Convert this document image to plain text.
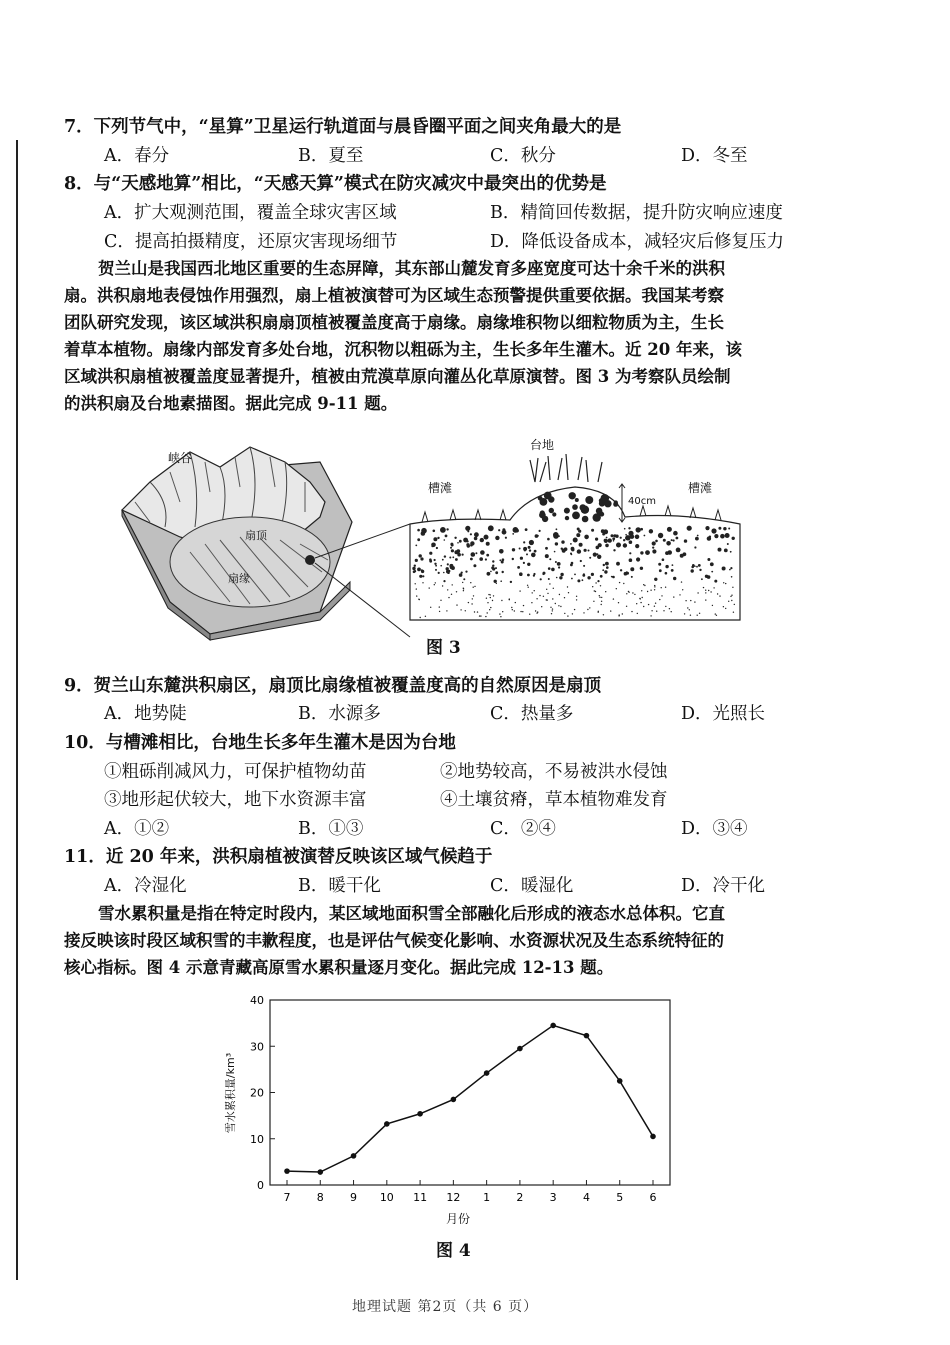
7．下列节气中，“星算”卫星运行轨道面与晨昏圈平面之间夹角最大的是
A．春分	B．夏至	C．秋分	D．冬至
8．与“天感地算”相比，“天感天算”模式在防灾减灾中最突出的优势是
A．扩大观测范围，覆盖全球灾害区域	B．精简回传数据，提升防灾响应速度
C．提高拍摄精度，还原灾害现场细节	D．降低设备成本，减轻灾后修复压力
贺兰山是我国西北地区重要的生态屏障，其东部山麓发育多座宽度可达十余千米的洪积
扇。洪积扇地表侵蚀作用强烈，扇上植被演替可为区域生态预警提供重要依据。我国某考察
团队研究发现，该区域洪积扇扇顶植被覆盖度高于扇缘。扇缘堆积物以细粒物质为主，生长
着草本植物。扇缘内部发育多处台地，沉积物以粗砾为主，生长多年生灌木。近 20 年来，该
区域洪积扇植被覆盖度显著提升，植被由荒漠草原向灌丛化草原演替。图 3 为考察队员绘制
的洪积扇及台地素描图。据此完成 9-11 题。
峡谷
扇顶
扇缘
台地
槽滩	槽滩
40cm
图 3
9．贺兰山东麓洪积扇区，扇顶比扇缘植被覆盖度高的自然原因是扇顶
A．地势陡	B．水源多	C．热量多	D．光照长
10．与槽滩相比，台地生长多年生灌木是因为台地
①粗砾削减风力，可保护植物幼苗	②地势较高，不易被洪水侵蚀
③地形起伏较大，地下水资源丰富	④土壤贫瘠，草本植物难发育
A．①②	B．①③	C．②④	D．③④
11．近 20 年来，洪积扇植被演替反映该区域气候趋于
A．冷湿化	B．暖干化	C．暖湿化	D．冷干化
雪水累积量是指在特定时段内，某区域地面积雪全部融化后形成的液态水总体积。它直
接反映该时段区域积雪的丰歉程度，也是评估气候变化影响、水资源状况及生态系统特征的
核心指标。图 4 示意青藏高原雪水累积量逐月变化。据此完成 12-13 题。
0
10
20
30
40
7 8 9 10 11 12 1 2 3 4 5 6
雪水累积量/km³
月份
图 4
地理试题 第2页（共 6 页）
